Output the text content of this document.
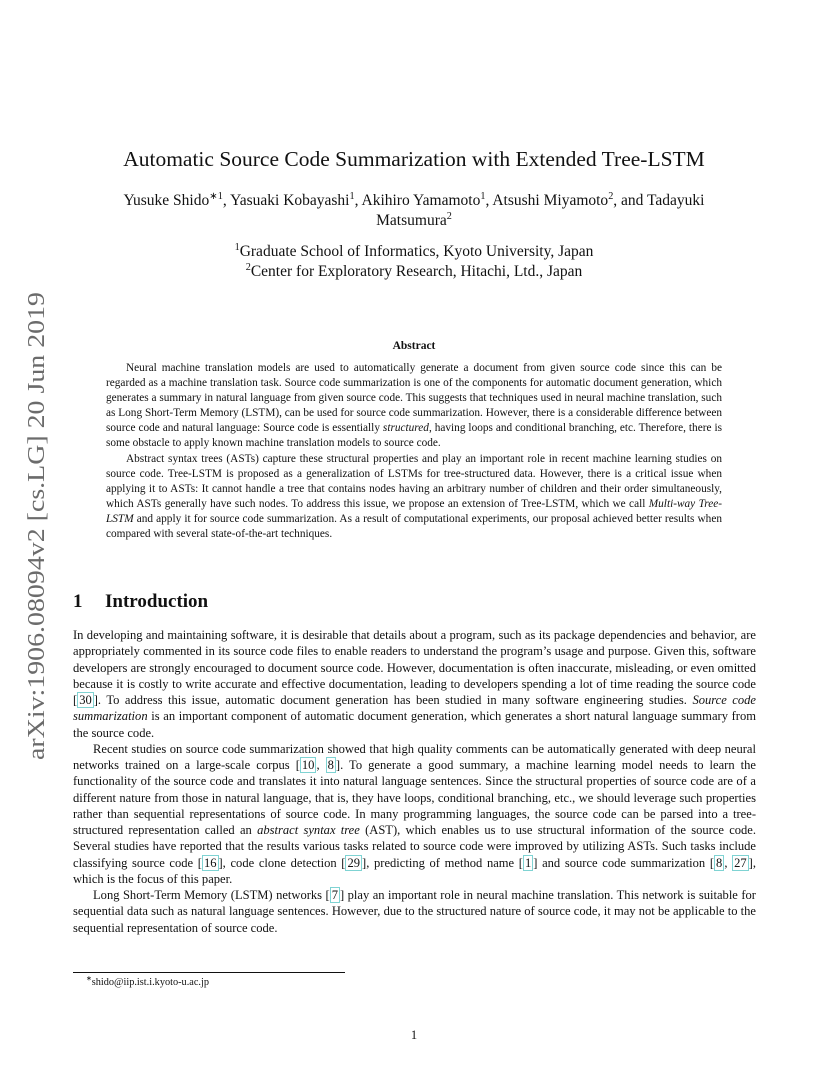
arXiv:1906.08094v2 [cs.LG] 20 Jun 2019
Automatic Source Code Summarization with Extended Tree-LSTM
Yusuke Shido$^{∗1}$, Yasuaki Kobayashi$^1$, Akihiro Yamamoto$^1$, Atsushi Miyamoto$^2$, and Tadayuki Matsumura$^2$
$^1$Graduate School of Informatics, Kyoto University, Japan
$^2$Center for Exploratory Research, Hitachi, Ltd., Japan
Abstract

Neural machine translation models are used to automatically generate a document from given source code since this can be regarded as a machine translation task. Source code summarization is one of the components for automatic document generation, which generates a summary in natural language from given source code. This suggests that techniques used in neural machine translation, such as Long Short-Term Memory (LSTM), can be used for source code summarization. However, there is a considerable difference between source code and natural language: Source code is essentially structured, having loops and conditional branching, etc. Therefore, there is some obstacle to apply known machine translation models to source code.

Abstract syntax trees (ASTs) capture these structural properties and play an important role in recent machine learning studies on source code. Tree-LSTM is proposed as a generalization of LSTMs for tree-structured data. However, there is a critical issue when applying it to ASTs: It cannot handle a tree that contains nodes having an arbitrary number of children and their order simultaneously, which ASTs generally have such nodes. To address this issue, we propose an extension of Tree-LSTM, which we call Multi-way Tree-LSTM and apply it for source code summarization. As a result of computational experiments, our proposal achieved better results when compared with several state-of-the-art techniques.

1 Introduction

In developing and maintaining software, it is desirable that details about a program, such as its package dependencies and behavior, are appropriately commented in its source code files to enable readers to understand the program’s usage and purpose. Given this, software developers are strongly encouraged to document source code. However, documentation is often inaccurate, misleading, or even omitted because it is costly to write accurate and effective documentation, leading to developers spending a lot of time reading the source code [ 30 ]. To address this issue, automatic document generation has been studied in many software engineering studies. Source code summarization is an important component of automatic document generation, which generates a short natural language summary from the source code.

Recent studies on source code summarization showed that high quality comments can be automatically generated with deep neural networks trained on a large-scale corpus [ 10 , 8 ]. To generate a good summary, a machine learning model needs to learn the functionality of the source code and translates it into natural language sentences. Since the structural properties of source code are of a different nature from those in natural language, that is, they have loops, conditional branching, etc., we should leverage such properties rather than sequential representations of source code. In many programming languages, the source code can be parsed into a tree-structured representation called an abstract syntax tree (AST), which enables us to use structural information of the source code. Several studies have reported that the results various tasks related to source code were improved by utilizing ASTs. Such tasks include classifying source code [ 16 ], code clone detection [ 29 ], predicting of method name [ 1 ] and source code summarization [ 8 , 27 ], which is the focus of this paper.

Long Short-Term Memory (LSTM) networks [ 7 ] play an important role in neural machine translation. This network is suitable for sequential data such as natural language sentences. However, due to the structured nature of source code, it may not be applicable to the sequential representation of source code.

∗shido@iip.ist.i.kyoto-u.ac.jp
1
